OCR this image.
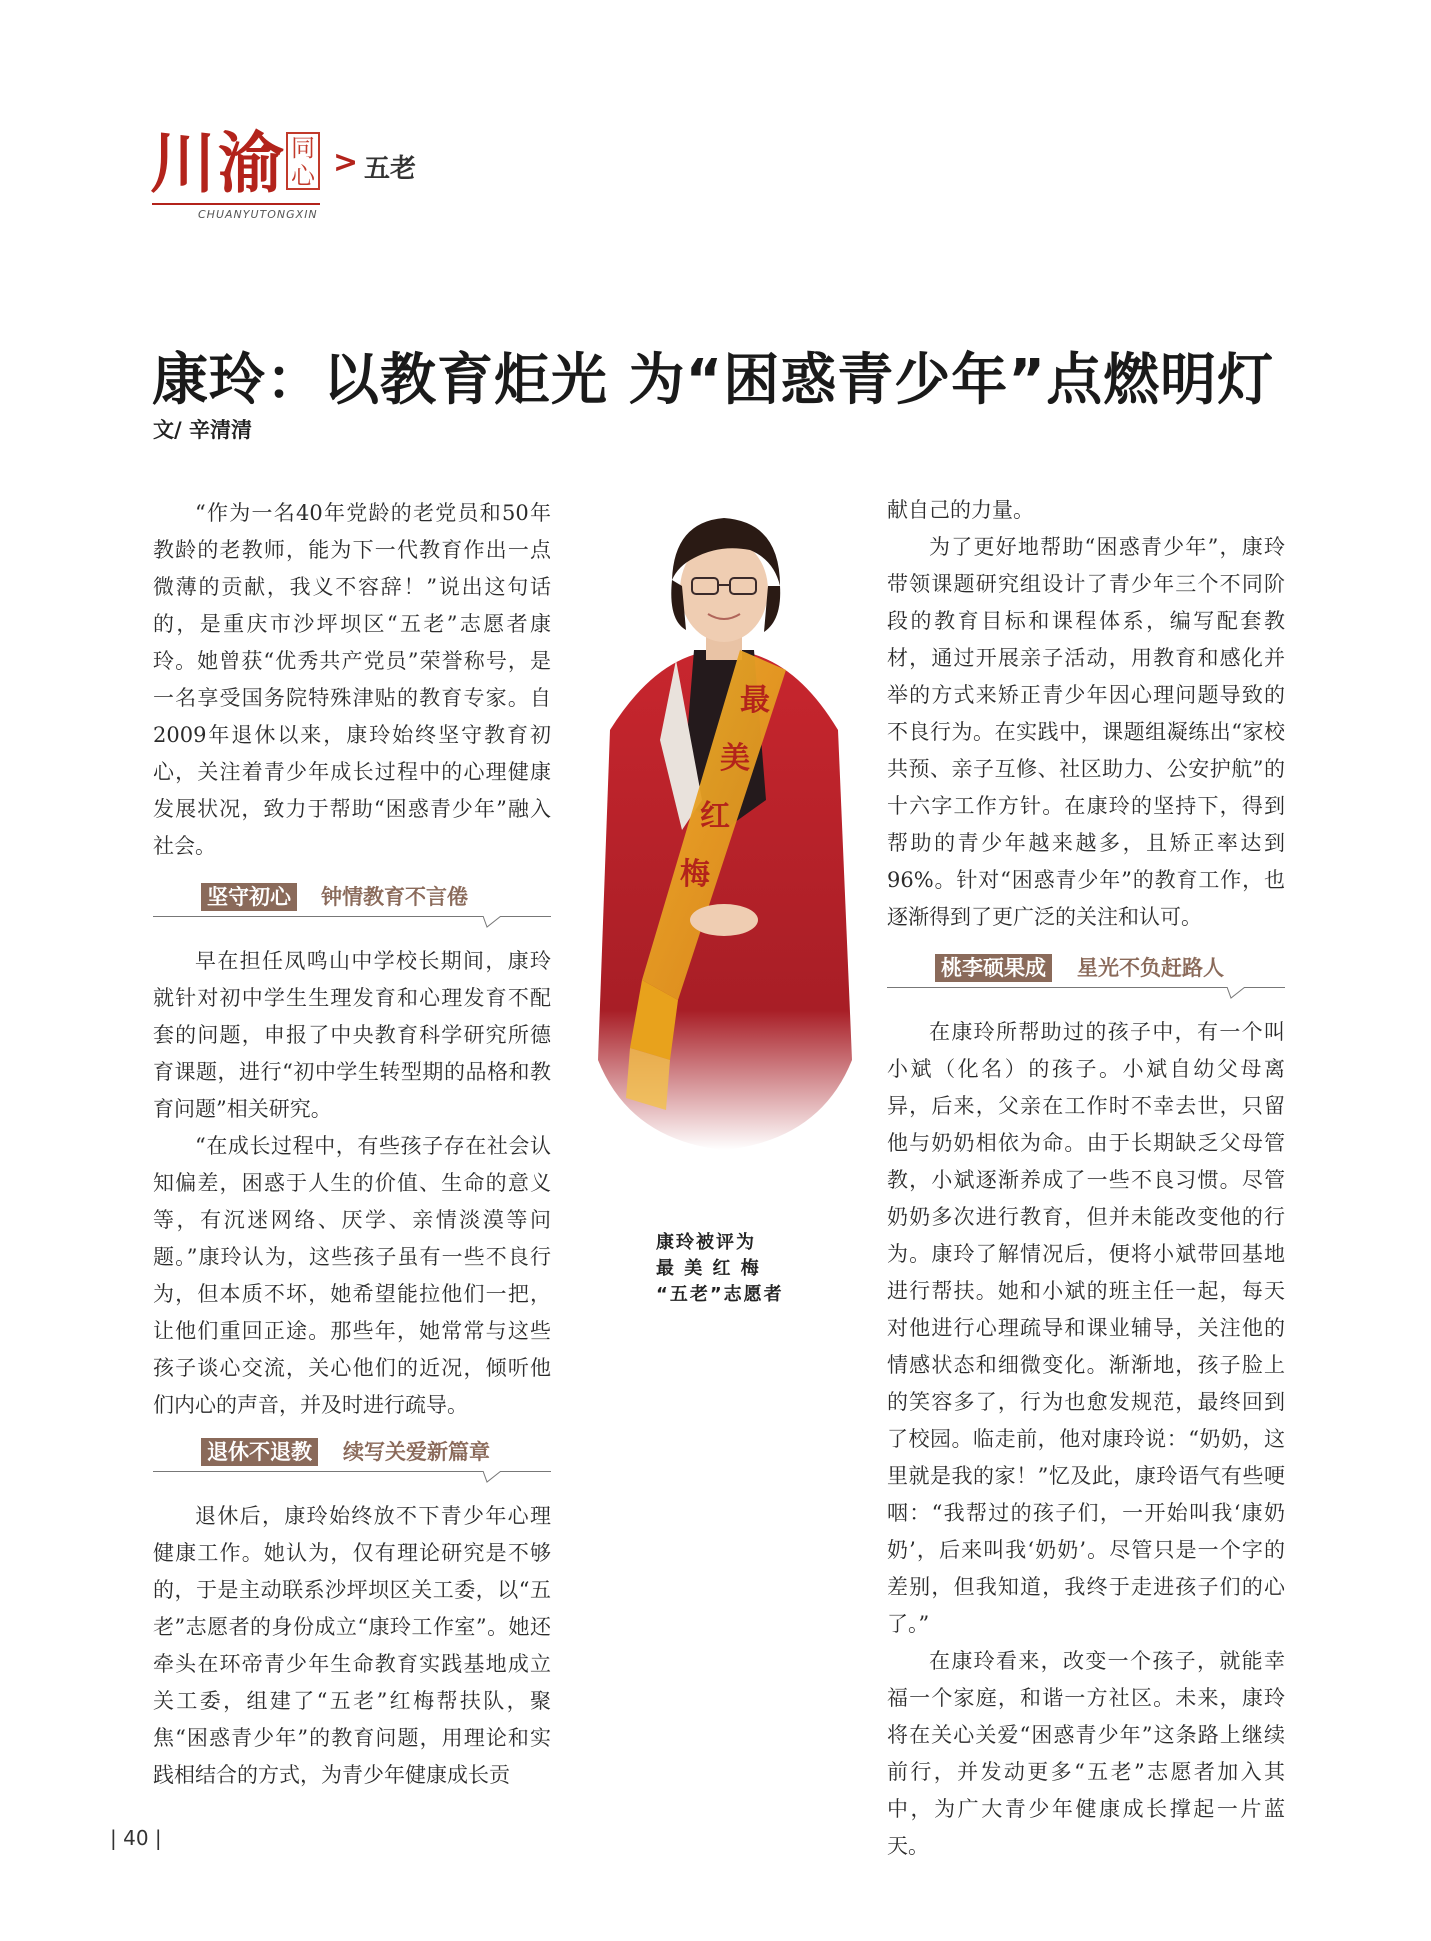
川渝 同心 > 五老
CHUANYUTONGXIN
康玲：以教育炬光 为“困惑青少年”点燃明灯
文/ 辛清清

“作为一名40年党龄的老党员和50年教龄的老教师，能为下一代教育作出一点微薄的贡献，我义不容辞！”说出这句话的，是重庆市沙坪坝区“五老”志愿者康玲。她曾获“优秀共产党员”荣誉称号，是一名享受国务院特殊津贴的教育专家。自2009年退休以来，康玲始终坚守教育初心，关注着青少年成长过程中的心理健康发展状况，致力于帮助“困惑青少年”融入社会。

坚守初心 钟情教育不言倦

早在担任凤鸣山中学校长期间，康玲就针对初中学生生理发育和心理发育不配套的问题，申报了中央教育科学研究所德育课题，进行“初中学生转型期的品格和教育问题”相关研究。

“在成长过程中，有些孩子存在社会认知偏差，困惑于人生的价值、生命的意义等，有沉迷网络、厌学、亲情淡漠等问题。”康玲认为，这些孩子虽有一些不良行为，但本质不坏，她希望能拉他们一把，让他们重回正途。那些年，她常常与这些孩子谈心交流，关心他们的近况，倾听他们内心的声音，并及时进行疏导。

退休不退教 续写关爱新篇章

退休后，康玲始终放不下青少年心理健康工作。她认为，仅有理论研究是不够的，于是主动联系沙坪坝区关工委，以“五老”志愿者的身份成立“康玲工作室”。她还牵头在环帝青少年生命教育实践基地成立关工委，组建了“五老”红梅帮扶队，聚焦“困惑青少年”的教育问题，用理论和实践相结合的方式，为青少年健康成长贡

最
美
红
梅
康玲被评为
最 美 红 梅
“五老”志愿者

献自己的力量。

为了更好地帮助“困惑青少年”，康玲带领课题研究组设计了青少年三个不同阶段的教育目标和课程体系，编写配套教材，通过开展亲子活动，用教育和感化并举的方式来矫正青少年因心理问题导致的不良行为。在实践中，课题组凝练出“家校共预、亲子互修、社区助力、公安护航”的十六字工作方针。在康玲的坚持下，得到帮助的青少年越来越多，且矫正率达到96%。针对“困惑青少年”的教育工作，也逐渐得到了更广泛的关注和认可。

桃李硕果成 星光不负赶路人

在康玲所帮助过的孩子中，有一个叫小斌（化名）的孩子。小斌自幼父母离异，后来，父亲在工作时不幸去世，只留他与奶奶相依为命。由于长期缺乏父母管教，小斌逐渐养成了一些不良习惯。尽管奶奶多次进行教育，但并未能改变他的行为。康玲了解情况后，便将小斌带回基地进行帮扶。她和小斌的班主任一起，每天对他进行心理疏导和课业辅导，关注他的情感状态和细微变化。渐渐地，孩子脸上的笑容多了，行为也愈发规范，最终回到了校园。临走前，他对康玲说：“奶奶，这里就是我的家！”忆及此，康玲语气有些哽咽：“我帮过的孩子们，一开始叫我‘康奶奶’，后来叫我‘奶奶’。尽管只是一个字的差别，但我知道，我终于走进孩子们的心了。”

在康玲看来，改变一个孩子，就能幸福一个家庭，和谐一方社区。未来，康玲将在关心关爱“困惑青少年”这条路上继续前行，并发动更多“五老”志愿者加入其中，为广大青少年健康成长撑起一片蓝天。

| 40 |
